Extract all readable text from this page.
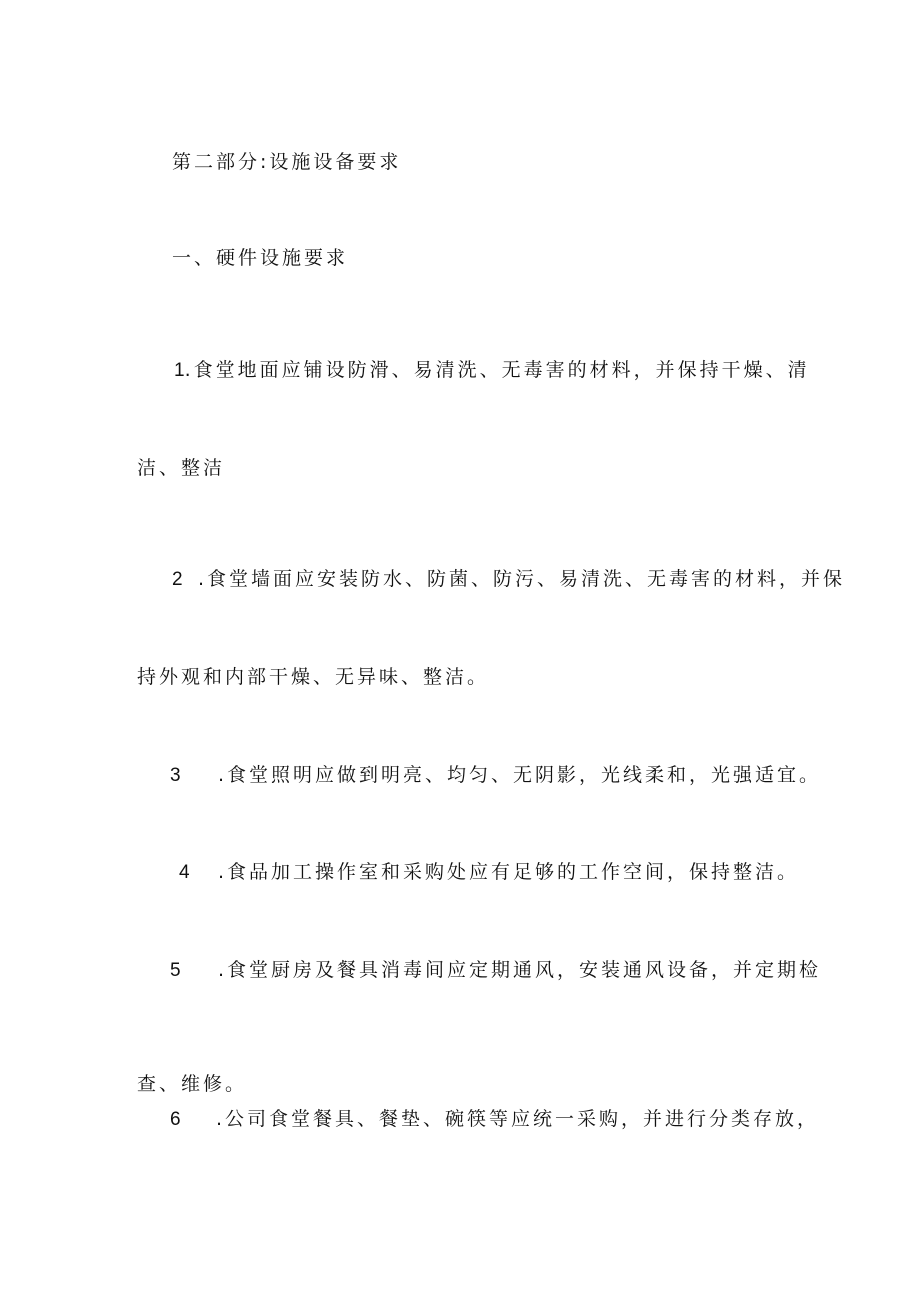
第二部分:设施设备要求
一、硬件设施要求
1.食堂地面应铺设防滑、易清洗、无毒害的材料，并保持干燥、清
洁、整洁
2 .食堂墙面应安装防水、防菌、防污、易清洗、无毒害的材料，并保
持外观和内部干燥、无异味、整洁。
3 .食堂照明应做到明亮、均匀、无阴影，光线柔和，光强适宜。
4 .食品加工操作室和采购处应有足够的工作空间，保持整洁。
5 .食堂厨房及餐具消毒间应定期通风，安装通风设备，并定期检
查、维修。
6 .公司食堂餐具、餐垫、碗筷等应统一采购，并进行分类存放，
